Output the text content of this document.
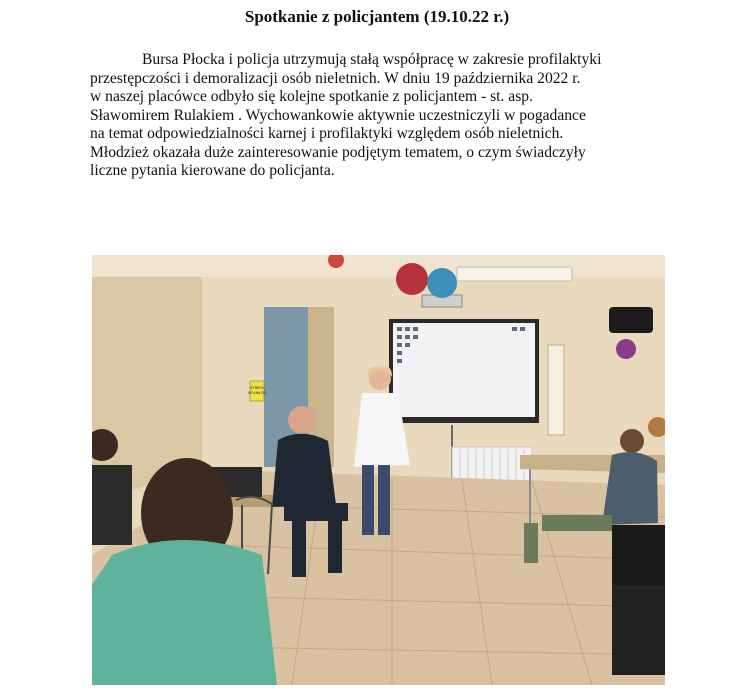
Spotkanie z policjantem (19.10.22 r.)

Bursa Płocka i policja utrzymują stałą współpracę w zakresie profilaktyki

przestępczości i demoralizacji osób nieletnich. W dniu 19 października 2022 r.

w naszej placówce odbyło się kolejne spotkanie z policjantem - st. asp.

Sławomirem Rulakiem . Wychowankowie aktywnie uczestniczyli w pogadance

na temat odpowiedzialności karnej i profilaktyki względem osób nieletnich.

Młodzież okazała duże zainteresowanie podjętym tematem, o czym świadczyły

liczne pytania kierowane do policjanta.

STREFA
WOLNA OD
